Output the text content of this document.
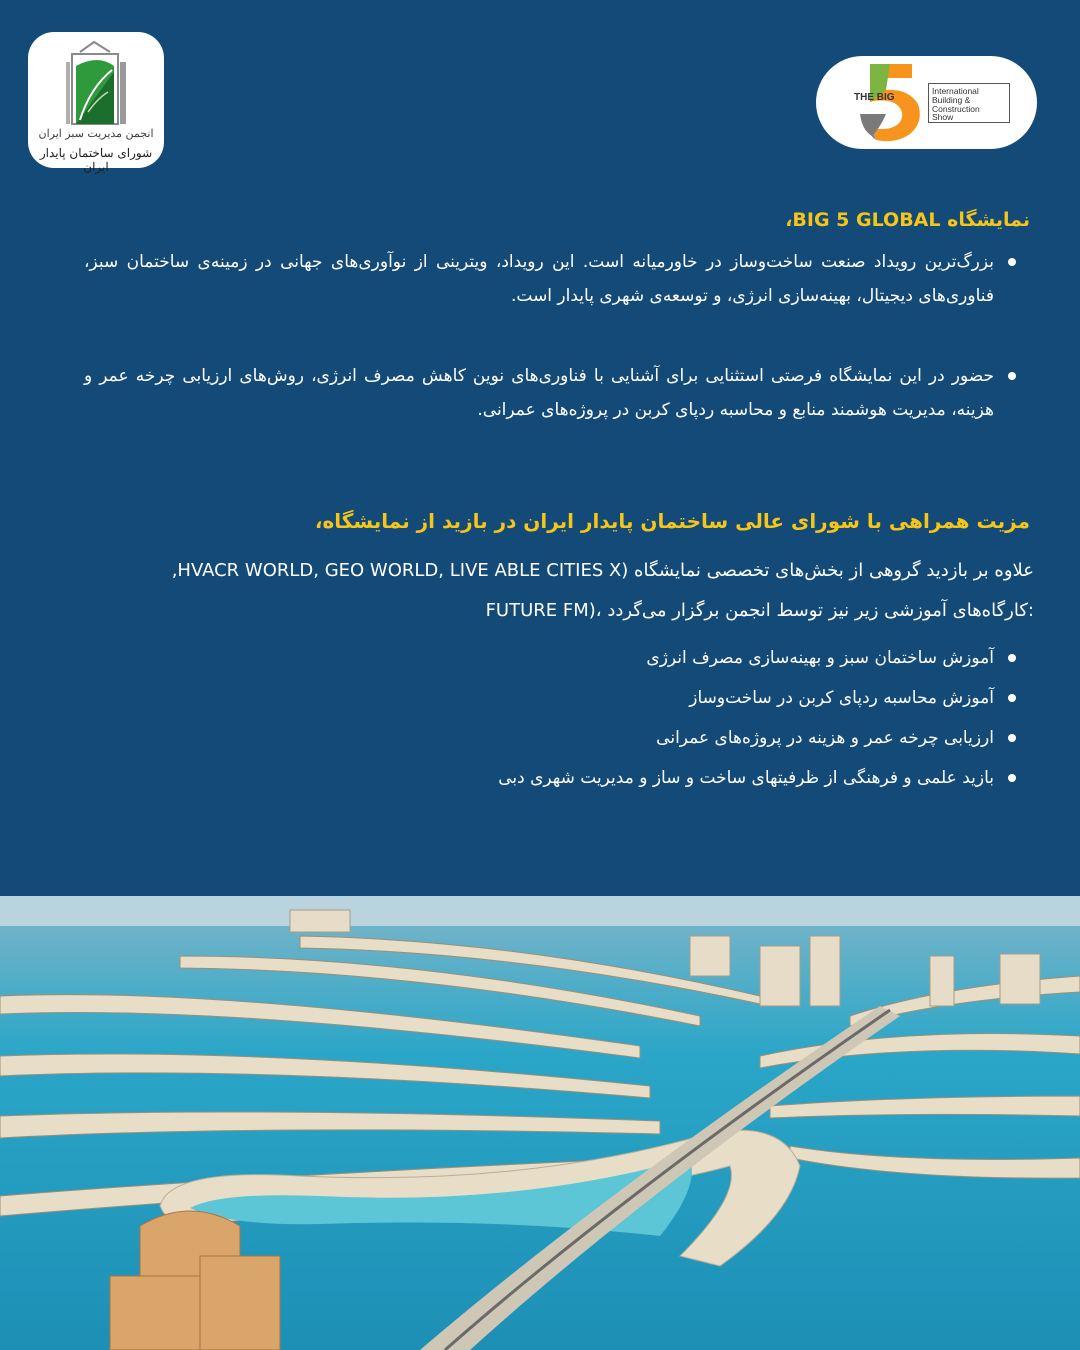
انجمن مدیریت سبز ایران
شورای ساختمان پایدار ایران
THE BIG
International
Building &
Construction
Show
نمایشگاه BIG 5 GLOBAL،
بزرگ‌ترین رویداد صنعت ساخت‌وساز در خاورمیانه است. این رویداد، ویترینی از نوآوری‌های جهانی در زمینه‌ی ساختمان سبز، فناوری‌های دیجیتال، بهینه‌سازی انرژی، و توسعه‌ی شهری پایدار است.
حضور در این نمایشگاه فرصتی استثنایی برای آشنایی با فناوری‌های نوین کاهش مصرف انرژی، روش‌های ارزیابی چرخه عمر و هزینه، مدیریت هوشمند منابع و محاسبه ردپای کربن در پروژه‌های عمرانی.
مزیت همراهی با شورای عالی ساختمان پایدار ایران در بازید از نمایشگاه،
علاوه بر بازدید گروهی از بخش‌های تخصصی نمایشگاه (HVACR WORLD, GEO WORLD, LIVE ABLE CITIES X,
FUTURE FM)، کارگاه‌های آموزشی زیر نیز توسط انجمن برگزار می‌گردد:
آموزش ساختمان سبز و بهینه‌سازی مصرف انرژی
آموزش محاسبه ردپای کربن در ساخت‌وساز
ارزیابی چرخه عمر و هزینه در پروژه‌های عمرانی
بازید علمی و فرهنگی از ظرفیتهای ساخت و ساز و مدیریت شهری دبی
